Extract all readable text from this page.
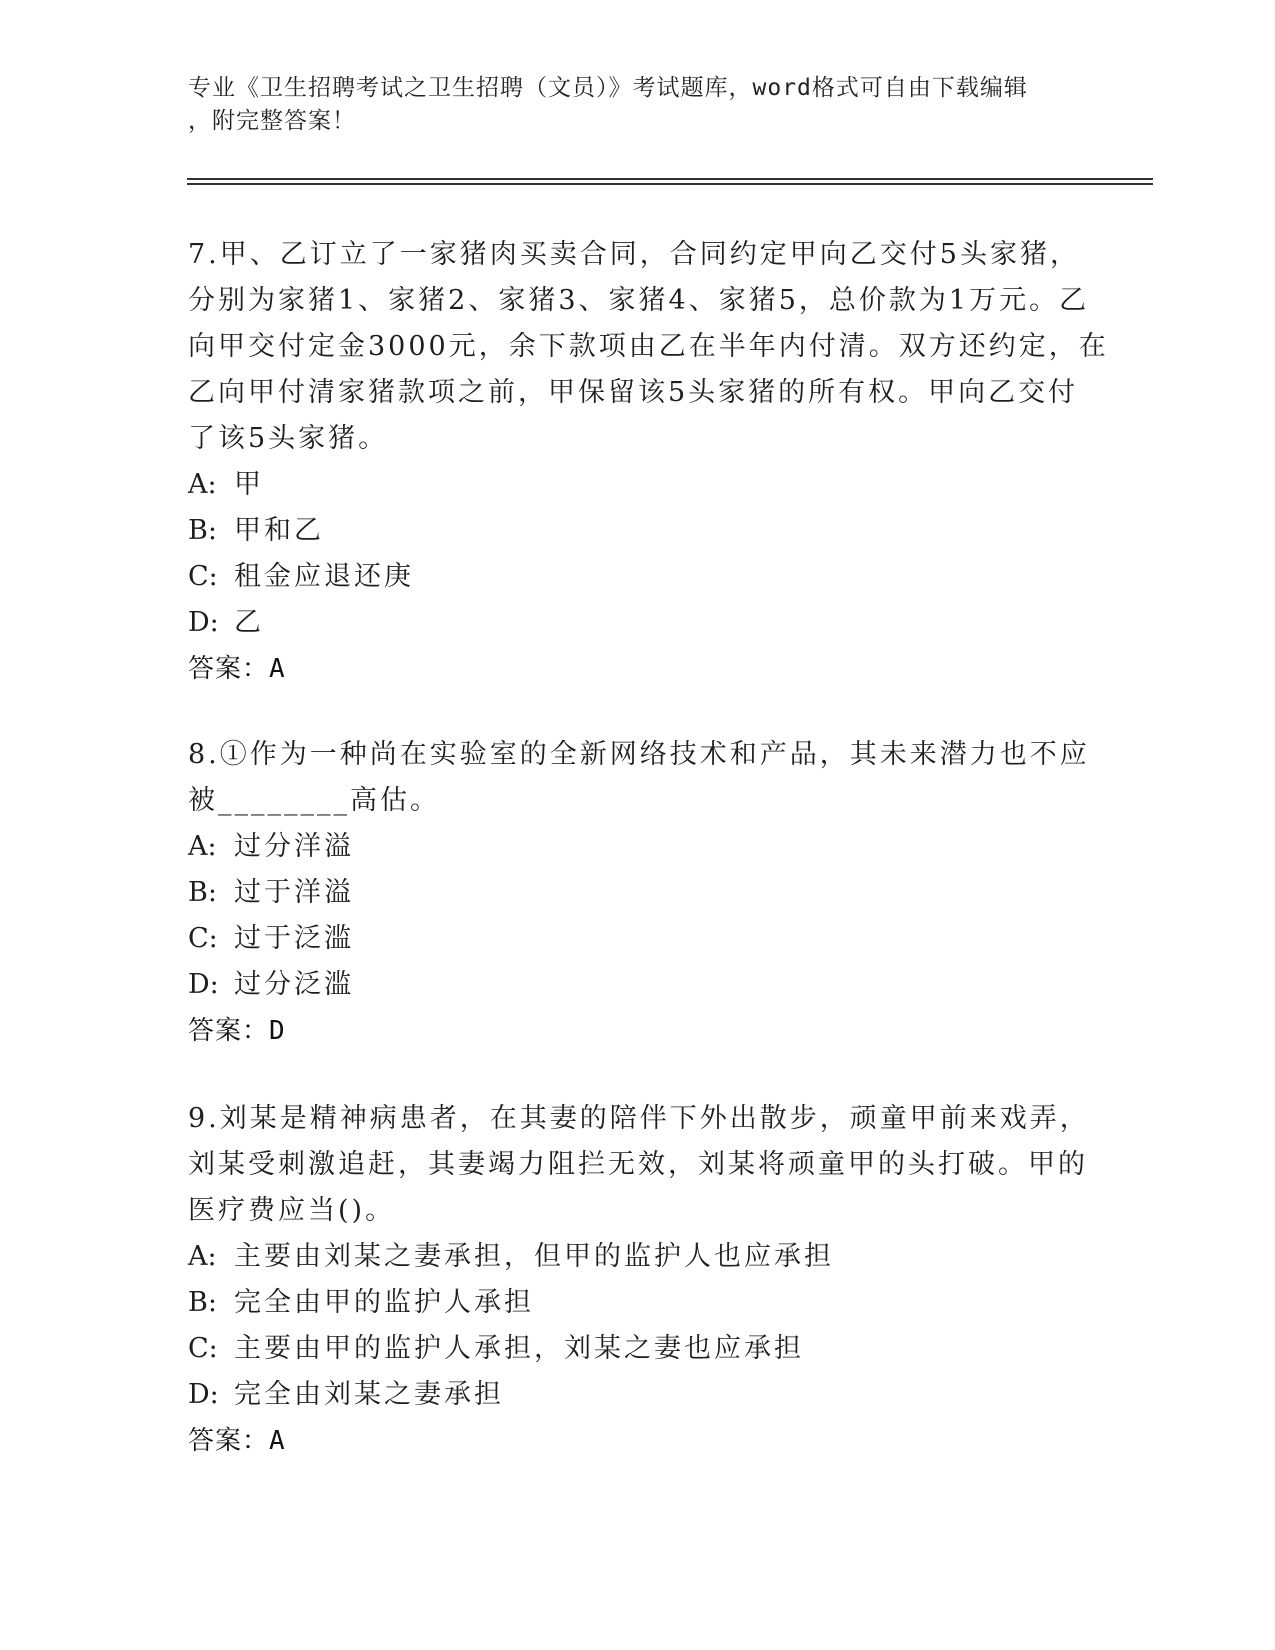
专业《卫生招聘考试之卫生招聘（文员）》考试题库，word格式可自由下载编辑
，附完整答案！
7.甲、乙订立了一家猪肉买卖合同，合同约定甲向乙交付5头家猪，
分别为家猪1、家猪2、家猪3、家猪4、家猪5，总价款为1万元。乙
向甲交付定金3000元，余下款项由乙在半年内付清。双方还约定，在
乙向甲付清家猪款项之前，甲保留该5头家猪的所有权。甲向乙交付
了该5头家猪。
A: 甲
B: 甲和乙
C: 租金应退还庚
D: 乙
答案：A
8.①作为一种尚在实验室的全新网络技术和产品，其未来潜力也不应
被________高估。
A: 过分洋溢
B: 过于洋溢
C: 过于泛滥
D: 过分泛滥
答案：D
9.刘某是精神病患者，在其妻的陪伴下外出散步，顽童甲前来戏弄，
刘某受刺激追赶，其妻竭力阻拦无效，刘某将顽童甲的头打破。甲的
医疗费应当()。
A: 主要由刘某之妻承担，但甲的监护人也应承担
B: 完全由甲的监护人承担
C: 主要由甲的监护人承担，刘某之妻也应承担
D: 完全由刘某之妻承担
答案：A
